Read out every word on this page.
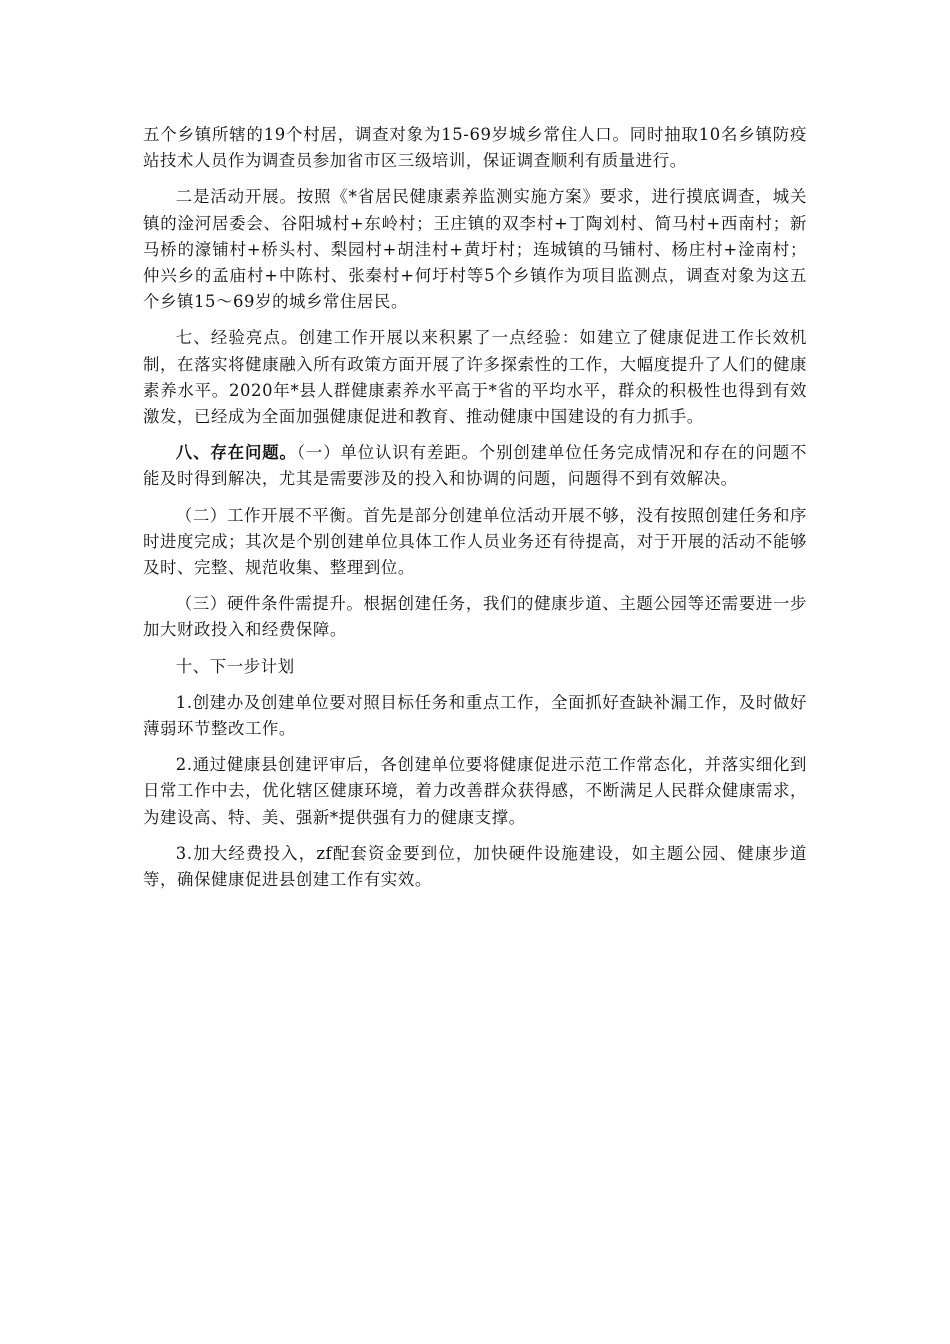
五个乡镇所辖的19个村居，调查对象为15-69岁城乡常住人口。同时抽取10名乡镇防疫站技术人员作为调查员参加省市区三级培训，保证调查顺利有质量进行。

二是活动开展。按照《*省居民健康素养监测实施方案》要求，进行摸底调查，城关镇的淦河居委会、谷阳城村+东岭村；王庄镇的双李村+丁陶刘村、简马村+西南村；新马桥的濠铺村+桥头村、梨园村+胡洼村+黄圩村；连城镇的马铺村、杨庄村+淦南村；仲兴乡的孟庙村+中陈村、张秦村+何圩村等5个乡镇作为项目监测点，调查对象为这五个乡镇15～69岁的城乡常住居民。

七、经验亮点。创建工作开展以来积累了一点经验：如建立了健康促进工作长效机制，在落实将健康融入所有政策方面开展了许多探索性的工作，大幅度提升了人们的健康素养水平。2020年*县人群健康素养水平高于*省的平均水平，群众的积极性也得到有效激发，已经成为全面加强健康促进和教育、推动健康中国建设的有力抓手。

八、存在问题。（一）单位认识有差距。个别创建单位任务完成情况和存在的问题不能及时得到解决，尤其是需要涉及的投入和协调的问题，问题得不到有效解决。

（二）工作开展不平衡。首先是部分创建单位活动开展不够，没有按照创建任务和序时进度完成；其次是个别创建单位具体工作人员业务还有待提高，对于开展的活动不能够及时、完整、规范收集、整理到位。

（三）硬件条件需提升。根据创建任务，我们的健康步道、主题公园等还需要进一步加大财政投入和经费保障。

十、下一步计划

1.创建办及创建单位要对照目标任务和重点工作，全面抓好查缺补漏工作，及时做好薄弱环节整改工作。

2.通过健康县创建评审后，各创建单位要将健康促进示范工作常态化，并落实细化到日常工作中去，优化辖区健康环境，着力改善群众获得感，不断满足人民群众健康需求，为建设高、特、美、强新*提供强有力的健康支撑。

3.加大经费投入，zf配套资金要到位，加快硬件设施建设，如主题公园、健康步道等，确保健康促进县创建工作有实效。
